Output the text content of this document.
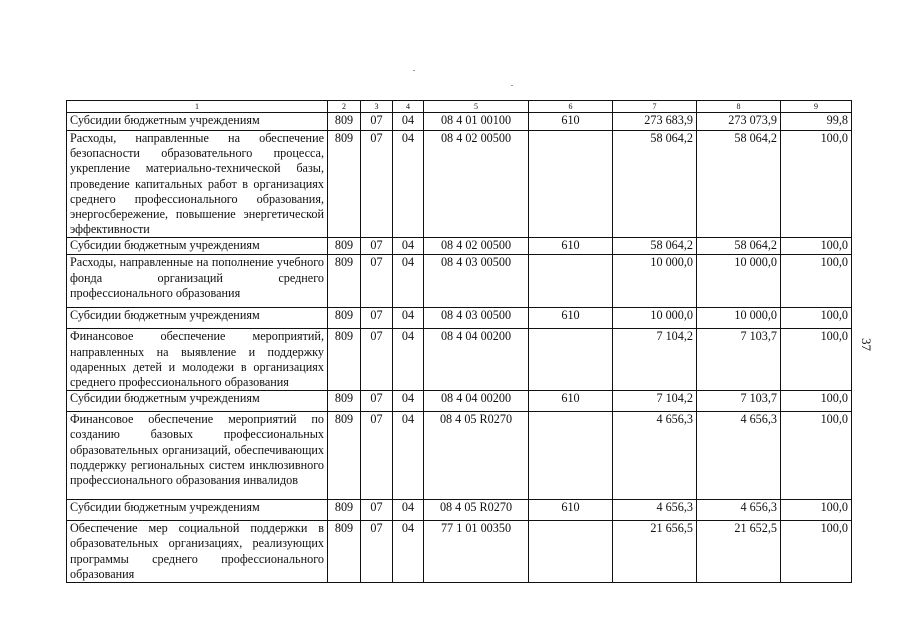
1	2	3	4	5	6	7	8	9
Субсидии бюджетным учреждениям	809	07	04	08 4 01 00100	610	273 683,9	273 073,9	99,8
Расходы, направленные на обеспечение безопасности образовательного процесса, укрепление материально-технической базы, проведение капитальных работ в организациях среднего профессионального образования, энергосбережение, повышение энергетической эффективности	809	07	04	08 4 02 00500		58 064,2	58 064,2	100,0
Субсидии бюджетным учреждениям	809	07	04	08 4 02 00500	610	58 064,2	58 064,2	100,0
Расходы, направленные на пополнение учебного фонда организаций среднего профессионального образования	809	07	04	08 4 03 00500		10 000,0	10 000,0	100,0
Субсидии бюджетным учреждениям	809	07	04	08 4 03 00500	610	10 000,0	10 000,0	100,0
Финансовое обеспечение мероприятий, направленных на выявление и поддержку одаренных детей и молодежи в организациях среднего профессионального образования	809	07	04	08 4 04 00200		7 104,2	7 103,7	100,0
Субсидии бюджетным учреждениям	809	07	04	08 4 04 00200	610	7 104,2	7 103,7	100,0
Финансовое обеспечение мероприятий по созданию базовых профессиональных образовательных организаций, обеспечивающих поддержку региональных систем инклюзивного профессионального образования инвалидов	809	07	04	08 4 05 R0270		4 656,3	4 656,3	100,0
Субсидии бюджетным учреждениям	809	07	04	08 4 05 R0270	610	4 656,3	4 656,3	100,0
Обеспечение мер социальной поддержки в образовательных организациях, реализующих программы среднего профессионального образования	809	07	04	77 1 01 00350		21 656,5	21 652,5	100,0
37
